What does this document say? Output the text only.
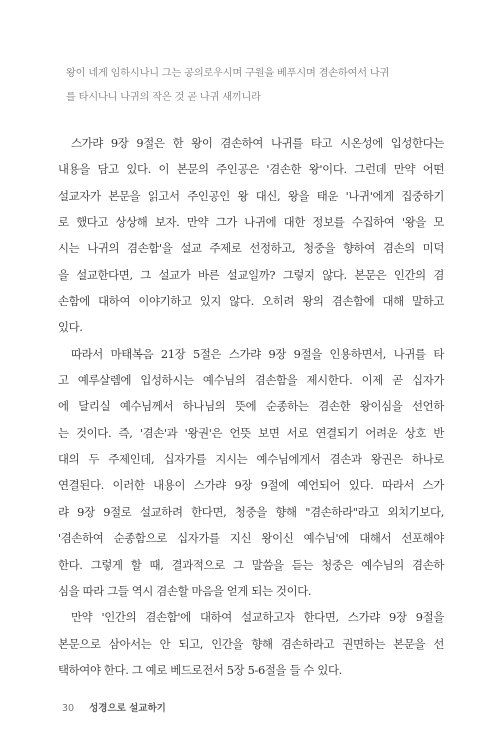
왕이 네게 임하시나니 그는 공의로우시며 구원을 베푸시며 겸손하여서 나귀
를 타시나니 나귀의 작은 것 곧 나귀 새끼니라
스가랴 9장 9절은 한 왕이 겸손하여 나귀를 타고 시온성에 입성한다는
내용을 담고 있다. 이 본문의 주인공은 '겸손한 왕'이다. 그런데 만약 어떤
설교자가 본문을 읽고서 주인공인 왕 대신, 왕을 태운 '나귀'에게 집중하기
로 했다고 상상해 보자. 만약 그가 나귀에 대한 정보를 수집하여 '왕을 모
시는 나귀의 겸손함'을 설교 주제로 선정하고, 청중을 향하여 겸손의 미덕
을 설교한다면, 그 설교가 바른 설교일까? 그렇지 않다. 본문은 인간의 겸
손함에 대하여 이야기하고 있지 않다. 오히려 왕의 겸손함에 대해 말하고
있다.
따라서 마태복음 21장 5절은 스가랴 9장 9절을 인용하면서, 나귀를 타
고 예루살렘에 입성하시는 예수님의 겸손함을 제시한다. 이제 곧 십자가
에 달리실 예수님께서 하나님의 뜻에 순종하는 겸손한 왕이심을 선언하
는 것이다. 즉, '겸손'과 '왕권'은 언뜻 보면 서로 연결되기 어려운 상호 반
대의 두 주제인데, 십자가를 지시는 예수님에게서 겸손과 왕권은 하나로
연결된다. 이러한 내용이 스가랴 9장 9절에 예언되어 있다. 따라서 스가
랴 9장 9절로 설교하려 한다면, 청중을 향해 "겸손하라"라고 외치기보다,
'겸손하여 순종함으로 십자가를 지신 왕이신 예수님'에 대해서 선포해야
한다. 그렇게 할 때, 결과적으로 그 말씀을 듣는 청중은 예수님의 겸손하
심을 따라 그들 역시 겸손할 마음을 얻게 되는 것이다.
만약 '인간의 겸손함'에 대하여 설교하고자 한다면, 스가랴 9장 9절을
본문으로 삼아서는 안 되고, 인간을 향해 겸손하라고 권면하는 본문을 선
택하여야 한다. 그 예로 베드로전서 5장 5-6절을 들 수 있다.
30 성경으로 설교하기
